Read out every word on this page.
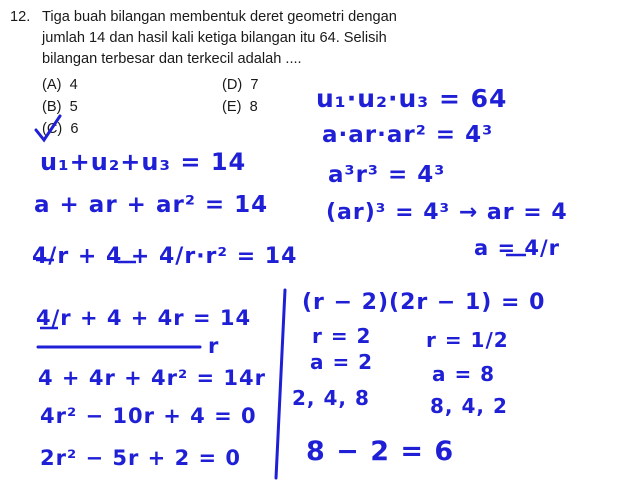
12. Tiga buah bilangan membentuk deret geometri dengan
jumlah 14 dan hasil kali ketiga bilangan itu 64. Selisih
bilangan terbesar dan terkecil adalah ....
(A) 4
(B) 5
(C) 6
(D) 7
(E) 8
u₁+u₂+u₃ = 14
a + ar + ar² = 14
4/r + 4 + 4/r·r² = 14
4/r + 4 + 4r = 14
r
4 + 4r + 4r² = 14r
4r² − 10r + 4 = 0
2r² − 5r + 2 = 0
u₁·u₂·u₃ = 64
a·ar·ar² = 4³
a³r³ = 4³
(ar)³ = 4³ → ar = 4
a = 4/r
(r − 2)(2r − 1) = 0
r = 2
a = 2
2, 4, 8
r = 1/2
a = 8
8, 4, 2
8 − 2 = 6
